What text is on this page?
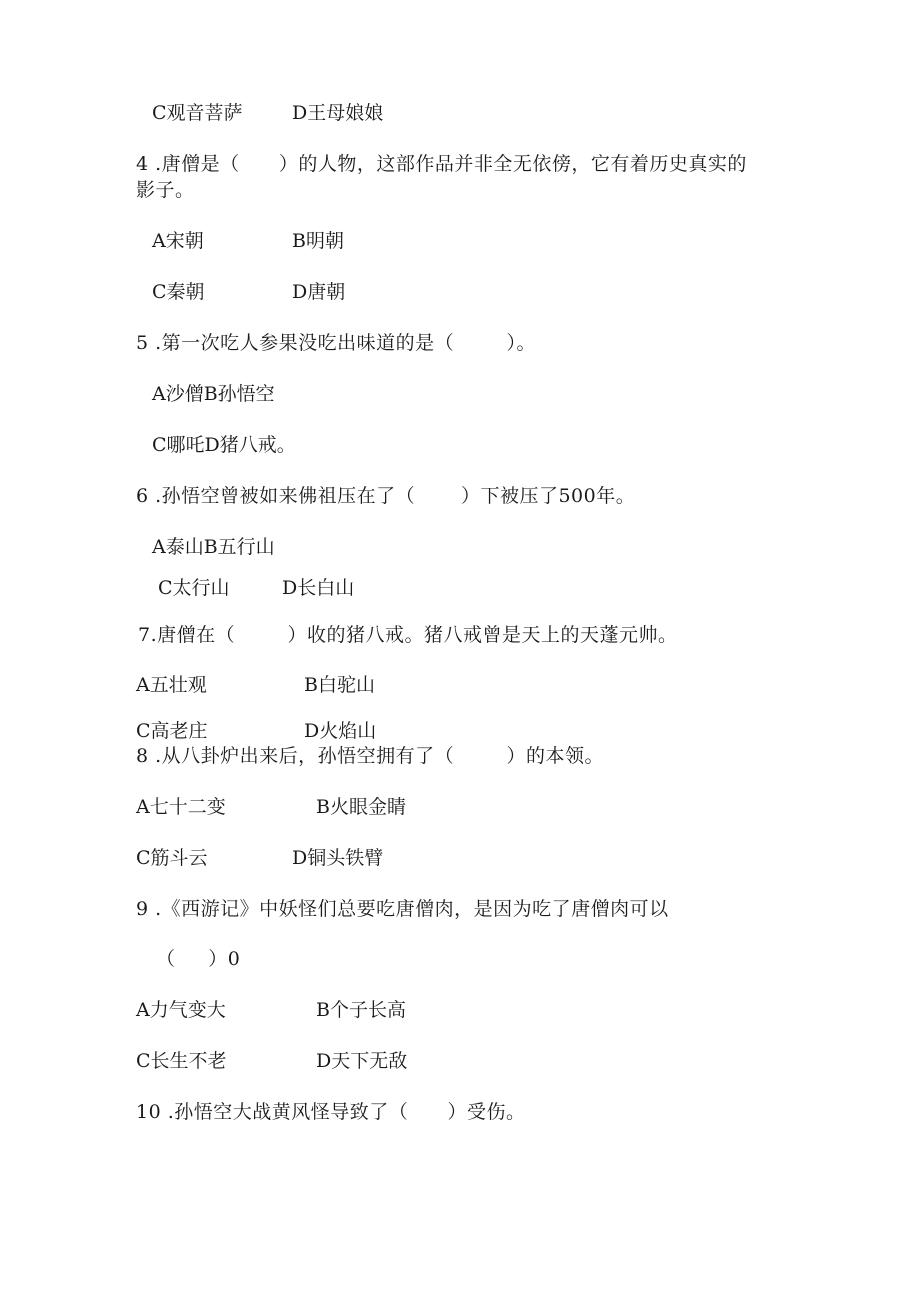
C观音菩萨	D王母娘娘
4 .唐僧是（      ）的人物，这部作品并非全无依傍，它有着历史真实的
影子。
A宋朝	B明朝
C秦朝	D唐朝
5 .第一次吃人参果没吃出味道的是（        ）。
A沙僧B孙悟空
C哪吒D猪八戒。
6 .孙悟空曾被如来佛祖压在了（       ）下被压了500年。
A泰山B五行山
C太行山	D长白山
7.唐僧在（        ）收的猪八戒。猪八戒曾是天上的天蓬元帅。
A五壮观	B白驼山
C高老庄	D火焰山
8 .从八卦炉出来后，孙悟空拥有了（        ）的本领。
A七十二变	B火眼金睛
C筋斗云	D铜头铁臂
9 .《西游记》中妖怪们总要吃唐僧肉，是因为吃了唐僧肉可以
（     ）0
A力气变大	B个子长高
C长生不老	D天下无敌
10 .孙悟空大战黄风怪导致了（      ）受伤。
